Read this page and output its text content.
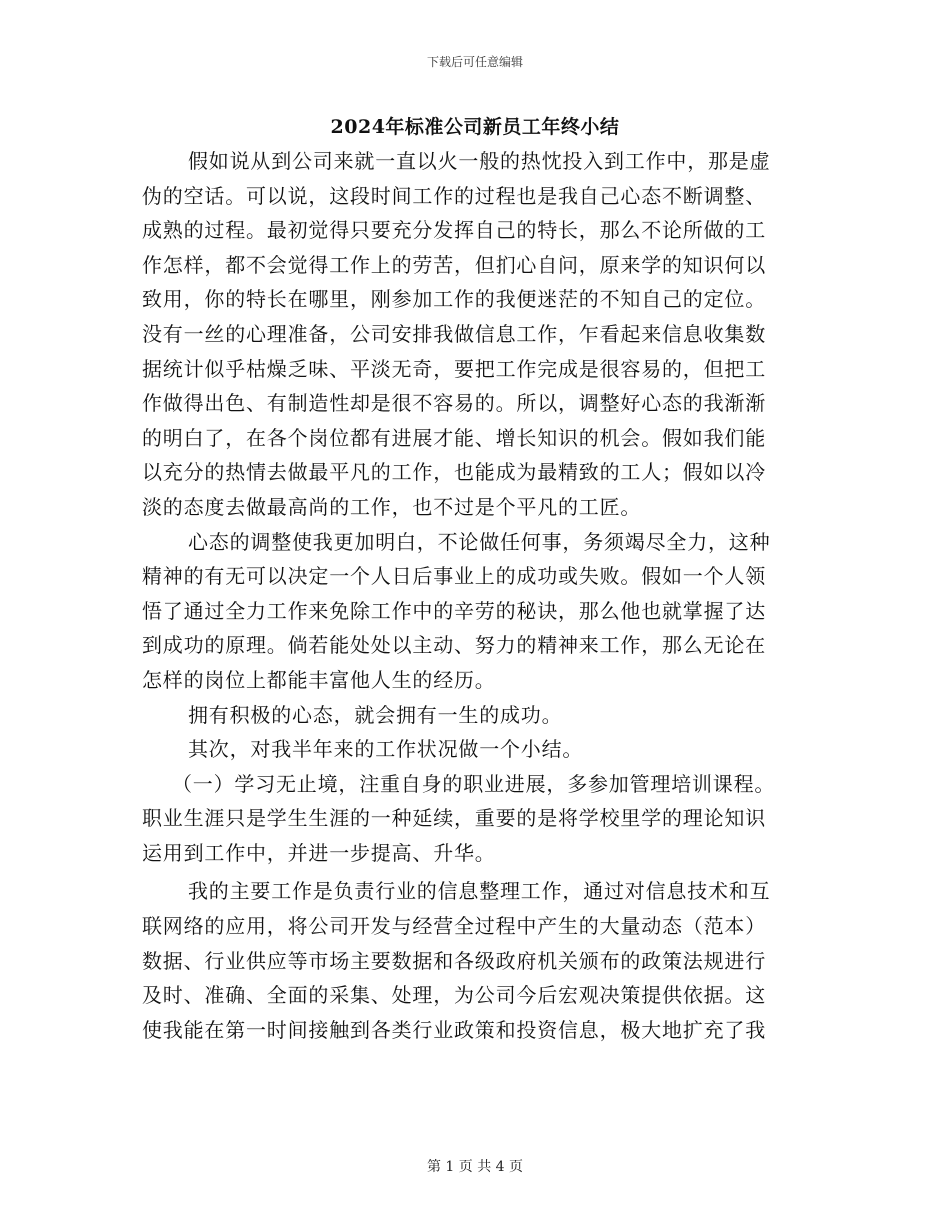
下载后可任意编辑
2024年标准公司新员工年终小结
假如说从到公司来就一直以火一般的热忱投入到工作中，那是虚
伪的空话。可以说，这段时间工作的过程也是我自己心态不断调整、
成熟的过程。最初觉得只要充分发挥自己的特长，那么不论所做的工
作怎样，都不会觉得工作上的劳苦，但扪心自问，原来学的知识何以
致用，你的特长在哪里，刚参加工作的我便迷茫的不知自己的定位。
没有一丝的心理准备，公司安排我做信息工作，乍看起来信息收集数
据统计似乎枯燥乏味、平淡无奇，要把工作完成是很容易的，但把工
作做得出色、有制造性却是很不容易的。所以，调整好心态的我渐渐
的明白了，在各个岗位都有进展才能、增长知识的机会。假如我们能
以充分的热情去做最平凡的工作，也能成为最精致的工人；假如以冷
淡的态度去做最高尚的工作，也不过是个平凡的工匠。
心态的调整使我更加明白，不论做任何事，务须竭尽全力，这种
精神的有无可以决定一个人日后事业上的成功或失败。假如一个人领
悟了通过全力工作来免除工作中的辛劳的秘诀，那么他也就掌握了达
到成功的原理。倘若能处处以主动、努力的精神来工作，那么无论在
怎样的岗位上都能丰富他人生的经历。
拥有积极的心态，就会拥有一生的成功。
其次，对我半年来的工作状况做一个小结。
（一）学习无止境，注重自身的职业进展，多参加管理培训课程。
职业生涯只是学生生涯的一种延续，重要的是将学校里学的理论知识
运用到工作中，并进一步提高、升华。
我的主要工作是负责行业的信息整理工作，通过对信息技术和互
联网络的应用，将公司开发与经营全过程中产生的大量动态（范本）
数据、行业供应等市场主要数据和各级政府机关颁布的政策法规进行
及时、准确、全面的采集、处理，为公司今后宏观决策提供依据。这
使我能在第一时间接触到各类行业政策和投资信息，极大地扩充了我
第 1 页 共 4 页
